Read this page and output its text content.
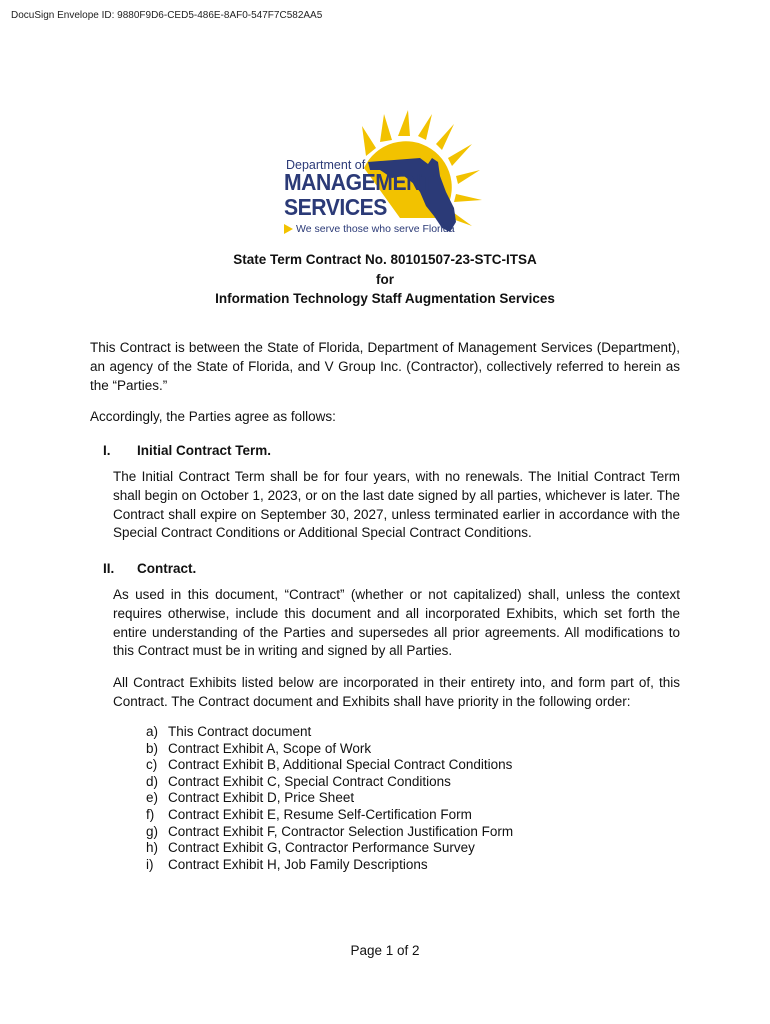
DocuSign Envelope ID: 9880F9D6-CED5-486E-8AF0-547F7C582AA5
Department of
MANAGEMENT
SERVICES
We serve those who serve Florida
State Term Contract No. 80101507-23-STC-ITSA
for
Information Technology Staff Augmentation Services
This Contract is between the State of Florida, Department of Management Services (Department), an agency of the State of Florida, and V Group Inc. (Contractor), collectively referred to herein as the “Parties.”
Accordingly, the Parties agree as follows:
I. Initial Contract Term.
The Initial Contract Term shall be for four years, with no renewals. The Initial Contract Term shall begin on October 1, 2023, or on the last date signed by all parties, whichever is later. The Contract shall expire on September 30, 2027, unless terminated earlier in accordance with the Special Contract Conditions or Additional Special Contract Conditions.
II. Contract.
As used in this document, “Contract” (whether or not capitalized) shall, unless the context requires otherwise, include this document and all incorporated Exhibits, which set forth the entire understanding of the Parties and supersedes all prior agreements. All modifications to this Contract must be in writing and signed by all Parties.
All Contract Exhibits listed below are incorporated in their entirety into, and form part of, this Contract. The Contract document and Exhibits shall have priority in the following order:
a) This Contract document
b) Contract Exhibit A, Scope of Work
c) Contract Exhibit B, Additional Special Contract Conditions
d) Contract Exhibit C, Special Contract Conditions
e) Contract Exhibit D, Price Sheet
f) Contract Exhibit E, Resume Self-Certification Form
g) Contract Exhibit F, Contractor Selection Justification Form
h) Contract Exhibit G, Contractor Performance Survey
i) Contract Exhibit H, Job Family Descriptions
Page 1 of 2
